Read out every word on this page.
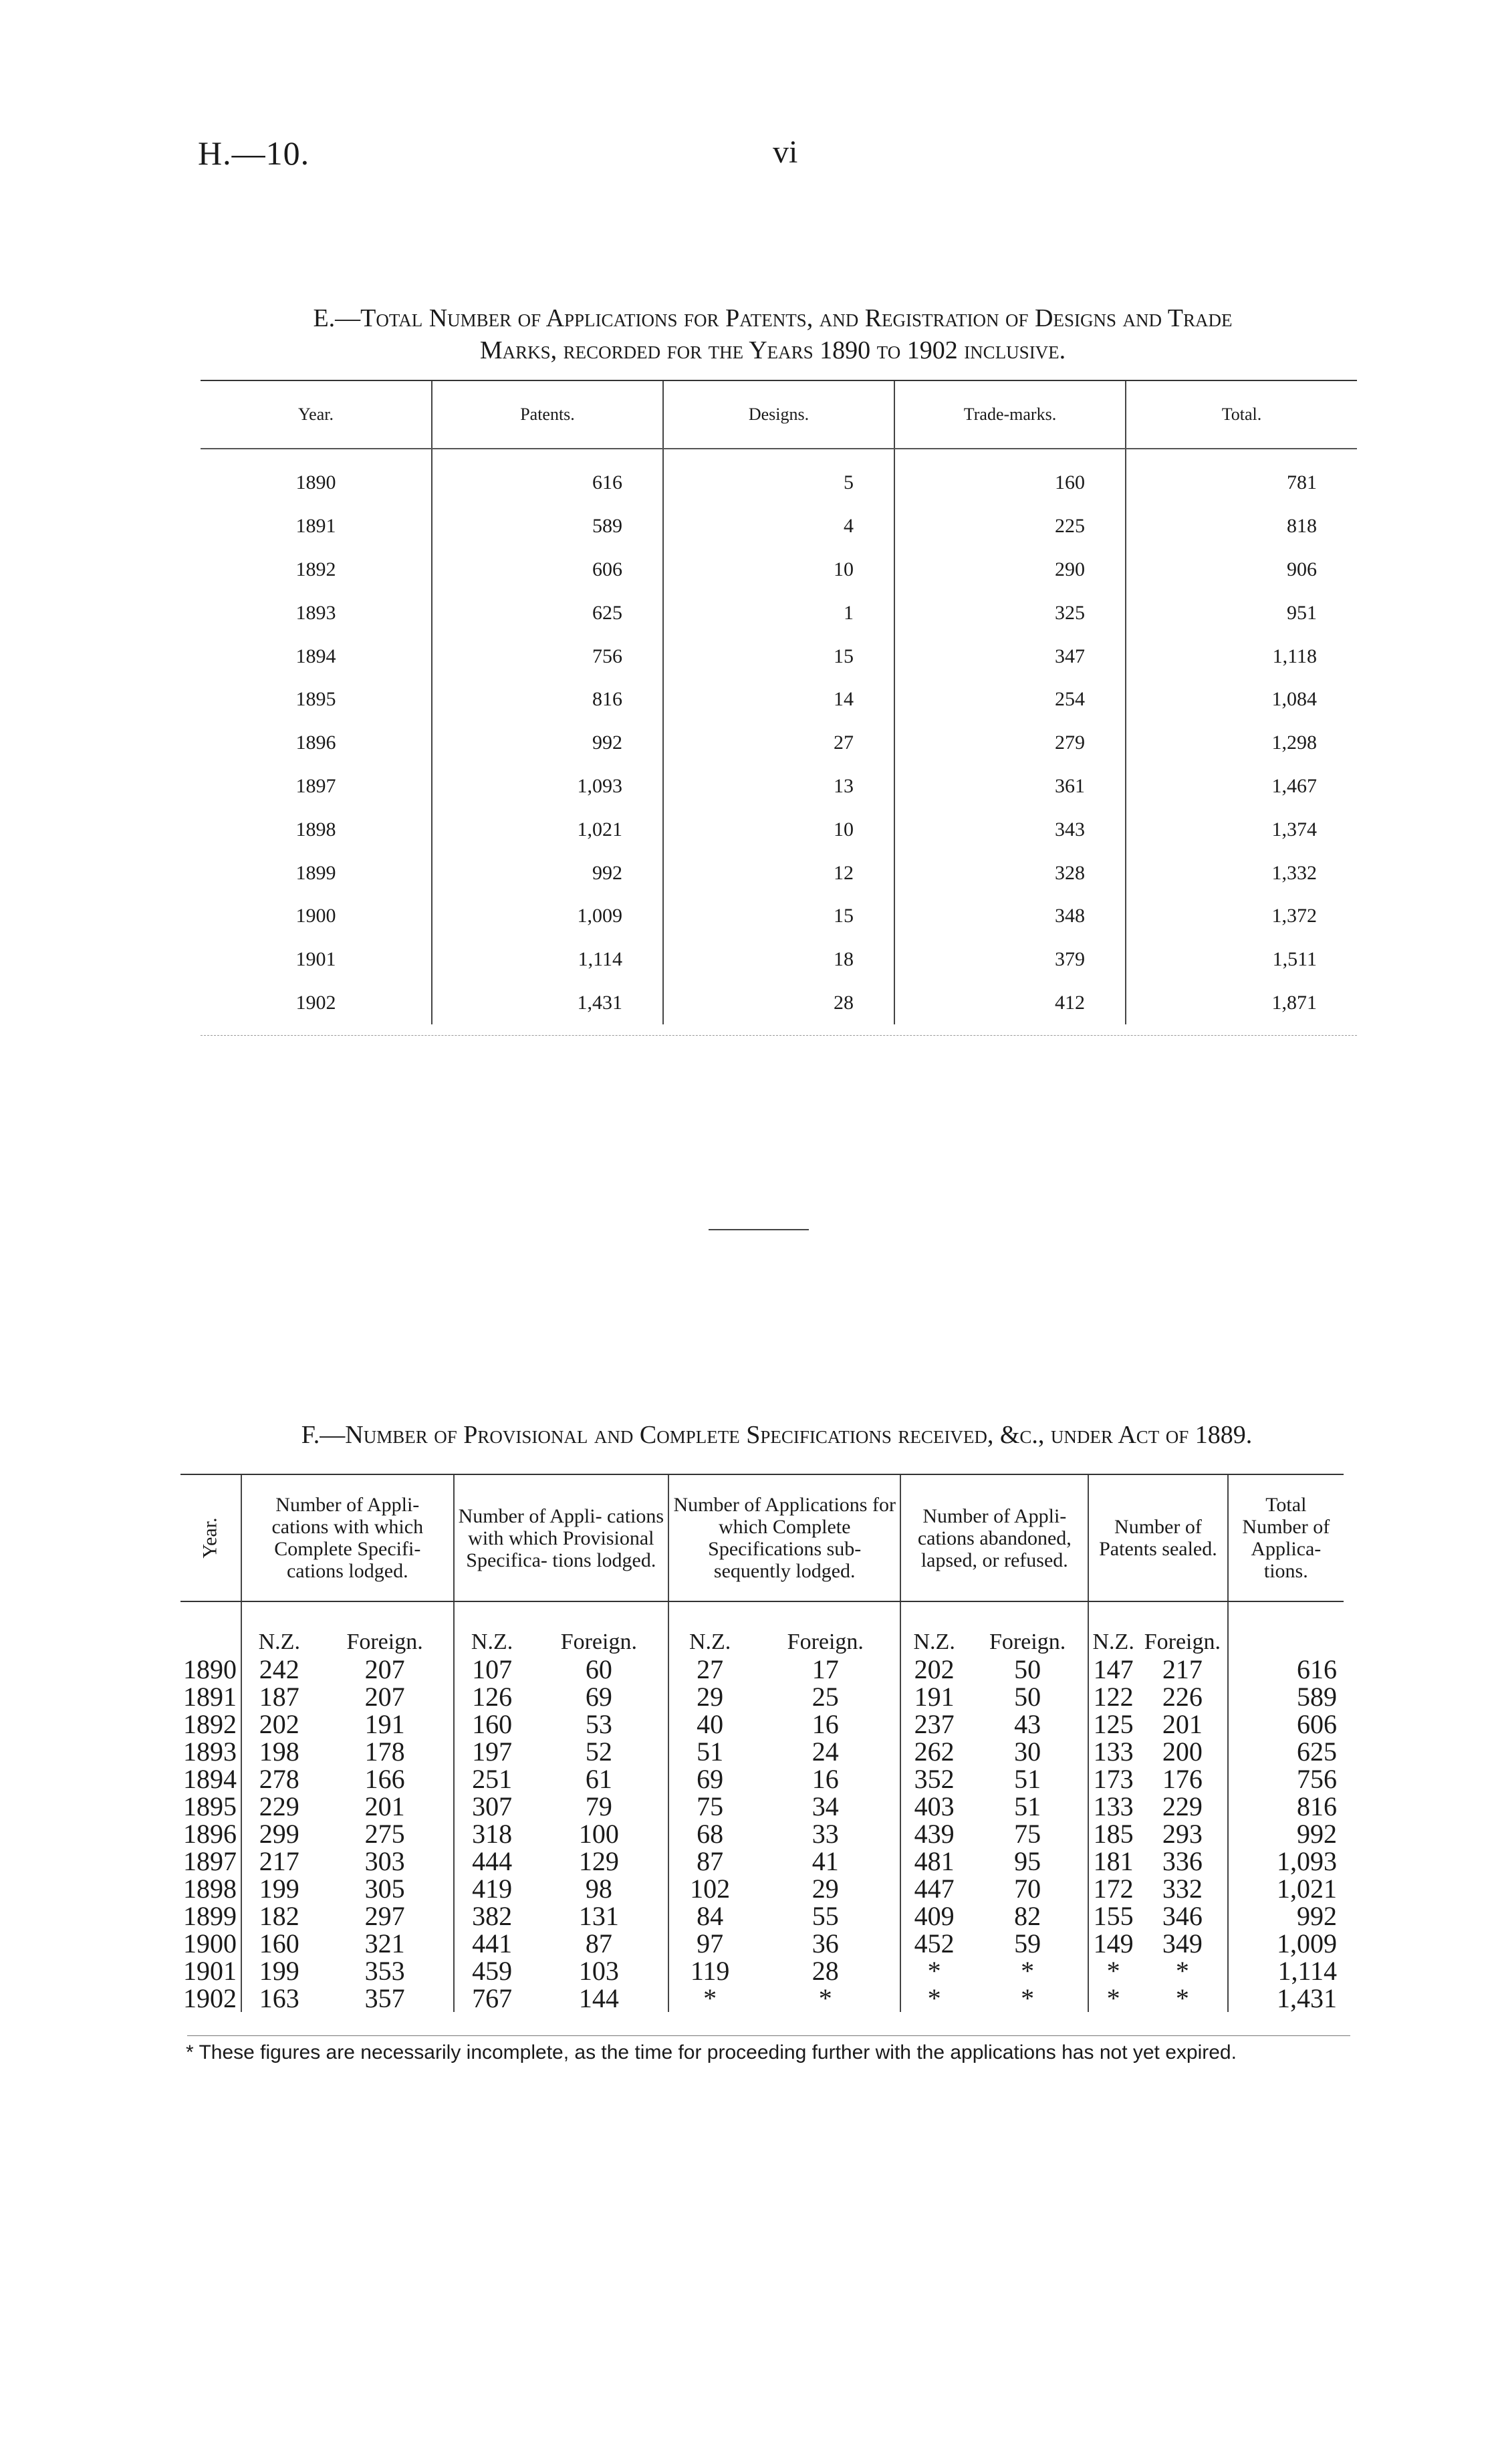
H.—10.	vi
E.—Total Number of Applications for Patents, and Registration of Designs and Trade
Marks, recorded for the Years 1890 to 1902 inclusive.
Year.	Patents.	Designs.	Trade-marks.	Total.
1890	616	5	160	781
1891	589	4	225	818
1892	606	10	290	906
1893	625	1	325	951
1894	756	15	347	1,118
1895	816	14	254	1,084
1896	992	27	279	1,298
1897	1,093	13	361	1,467
1898	1,021	10	343	1,374
1899	992	12	328	1,332
1900	1,009	15	348	1,372
1901	1,114	18	379	1,511
1902	1,431	28	412	1,871
F.—Number of Provisional and Complete Specifications received, &c., under Act of 1889.
Year.	Number of Appli- cations with which Complete Specifi- cations lodged.		Number of Appli- cations with which Provisional Specifica- tions lodged.		Number of Applications for which Complete Specifications sub- sequently lodged.		Number of Appli- cations abandoned, lapsed, or refused.		Number of Patents sealed.		Total Number of Applica- tions.
	N.Z.	Foreign.	N.Z.	Foreign.	N.Z.	Foreign.	N.Z.	Foreign.	N.Z.	Foreign.	
1890	242	207	107	60	27	17	202	50	147	217	616
1891	187	207	126	69	29	25	191	50	122	226	589
1892	202	191	160	53	40	16	237	43	125	201	606
1893	198	178	197	52	51	24	262	30	133	200	625
1894	278	166	251	61	69	16	352	51	173	176	756
1895	229	201	307	79	75	34	403	51	133	229	816
1896	299	275	318	100	68	33	439	75	185	293	992
1897	217	303	444	129	87	41	481	95	181	336	1,093
1898	199	305	419	98	102	29	447	70	172	332	1,021
1899	182	297	382	131	84	55	409	82	155	346	992
1900	160	321	441	87	97	36	452	59	149	349	1,009
1901	199	353	459	103	119	28	*	*	*	*	1,114
1902	163	357	767	144	*	*	*	*	*	*	1,431
* These figures are necessarily incomplete, as the time for proceeding further with the applications has not yet expired.
